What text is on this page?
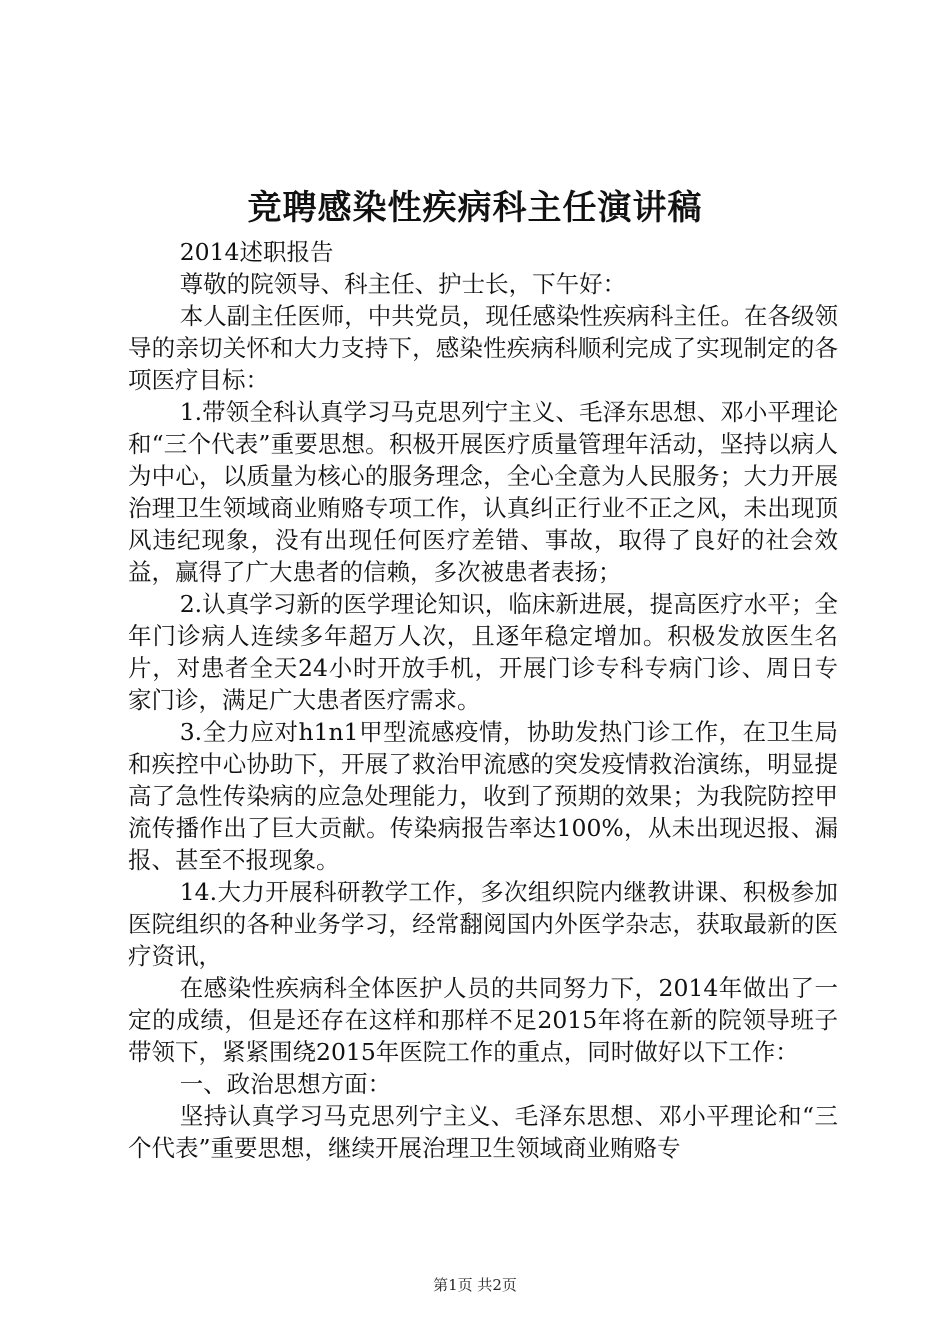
竞聘感染性疾病科主任演讲稿

2014述职报告

尊敬的院领导、科主任、护士长，下午好：

本人副主任医师，中共党员，现任感染性疾病科主任。在各级领导的亲切关怀和大力支持下，感染性疾病科顺利完成了实现制定的各项医疗目标：

1.带领全科认真学习马克思列宁主义、毛泽东思想、邓小平理论和“三个代表”重要思想。积极开展医疗质量管理年活动，坚持以病人为中心，以质量为核心的服务理念，全心全意为人民服务；大力开展治理卫生领域商业贿赂专项工作，认真纠正行业不正之风，未出现顶风违纪现象，没有出现任何医疗差错、事故，取得了良好的社会效益，赢得了广大患者的信赖，多次被患者表扬；

2.认真学习新的医学理论知识，临床新进展，提高医疗水平；全年门诊病人连续多年超万人次，且逐年稳定增加。积极发放医生名片，对患者全天24小时开放手机，开展门诊专科专病门诊、周日专家门诊，满足广大患者医疗需求。

3.全力应对h1n1甲型流感疫情，协助发热门诊工作，在卫生局和疾控中心协助下，开展了救治甲流感的突发疫情救治演练，明显提高了急性传染病的应急处理能力，收到了预期的效果；为我院防控甲流传播作出了巨大贡献。传染病报告率达100%，从未出现迟报、漏报、甚至不报现象。

14.大力开展科研教学工作，多次组织院内继教讲课、积极参加医院组织的各种业务学习，经常翻阅国内外医学杂志，获取最新的医疗资讯，

在感染性疾病科全体医护人员的共同努力下，2014年做出了一定的成绩，但是还存在这样和那样不足2015年将在新的院领导班子带领下，紧紧围绕2015年医院工作的重点，同时做好以下工作：

一、政治思想方面：

坚持认真学习马克思列宁主义、毛泽东思想、邓小平理论和“三个代表”重要思想，继续开展治理卫生领域商业贿赂专

第1页 共2页
